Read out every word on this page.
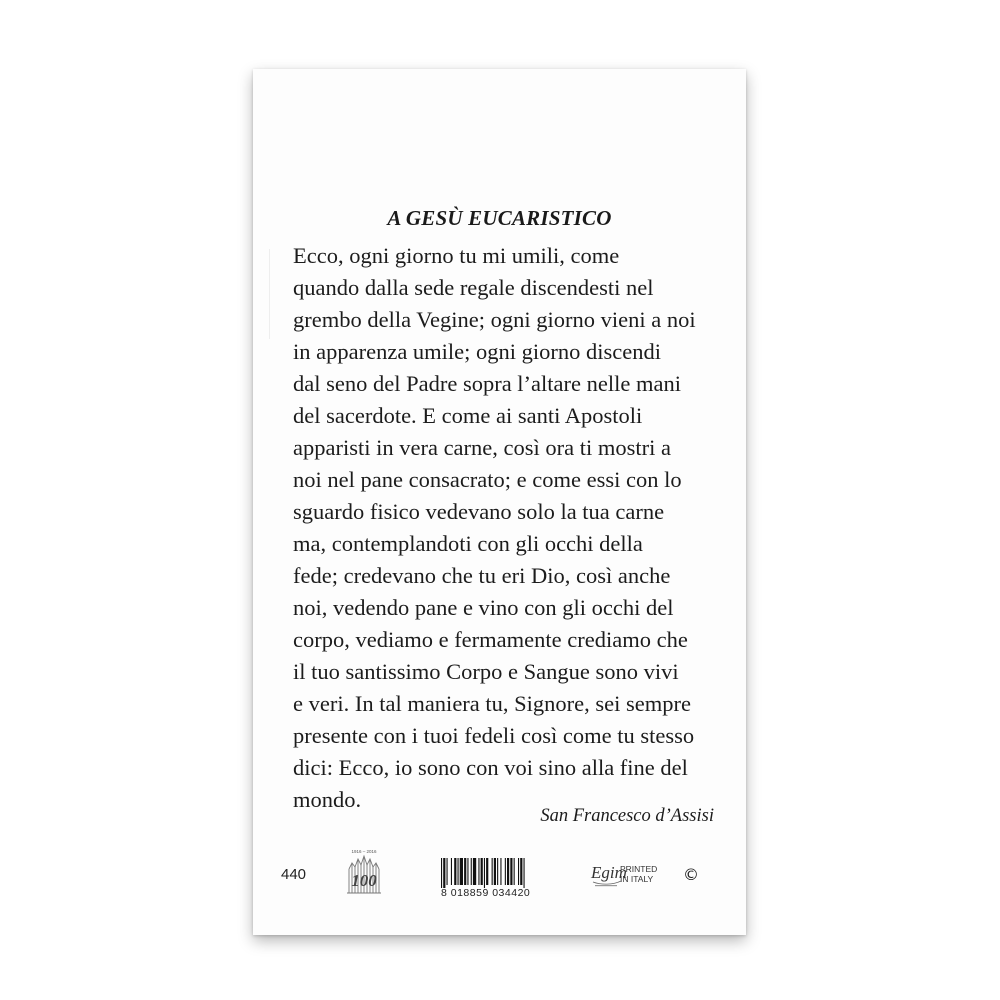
A GESÙ EUCARISTICO
Ecco, ogni giorno tu mi umili, come
quando dalla sede regale discendesti nel
grembo della Vegine; ogni giorno vieni a noi
in apparenza umile; ogni giorno discendi
dal seno del Padre sopra l’altare nelle mani
del sacerdote. E come ai santi Apostoli
apparisti in vera carne, così ora ti mostri a
noi nel pane consacrato; e come essi con lo
sguardo fisico vedevano solo la tua carne
ma, contemplandoti con gli occhi della
fede; credevano che tu eri Dio, così anche
noi, vedendo pane e vino con gli occhi del
corpo, vediamo e fermamente crediamo che
il tuo santissimo Corpo e Sangue sono vivi
e veri. In tal maniera tu, Signore, sei sempre
presente con i tuoi fedeli così come tu stesso
dici: Ecco, io sono con voi sino alla fine del
mondo.
San Francesco d’Assisi
440
1916 – 2016
100
8 018859 034420
Egim
PRINTED
IN ITALY ©
